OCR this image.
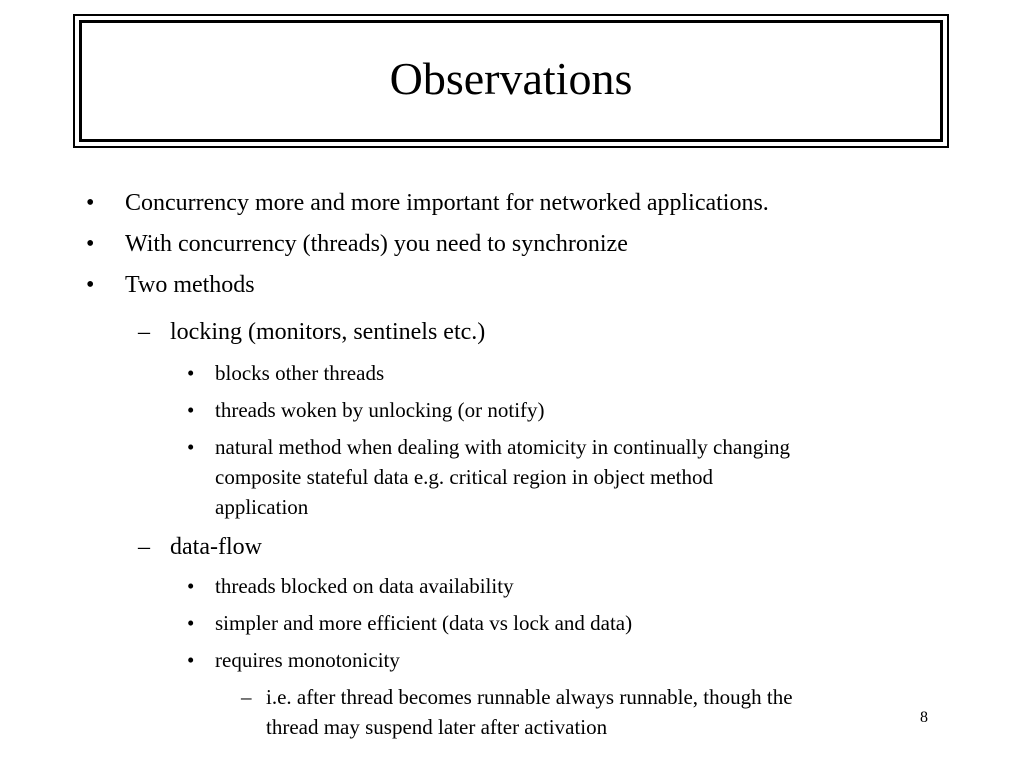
Observations
•	Concurrency more and more important for networked applications.
•	With concurrency (threads) you need to synchronize
•	Two methods
– locking (monitors, sentinels etc.)
• blocks other threads
• threads woken by unlocking (or notify)
• natural method when dealing with atomicity in continually changing
composite stateful data e.g. critical region in object method
application
– data-flow
• threads blocked on data availability
• simpler and more efficient (data vs lock and data)
• requires monotonicity
– i.e. after thread becomes runnable always runnable, though the
thread may suspend later after activation	8
